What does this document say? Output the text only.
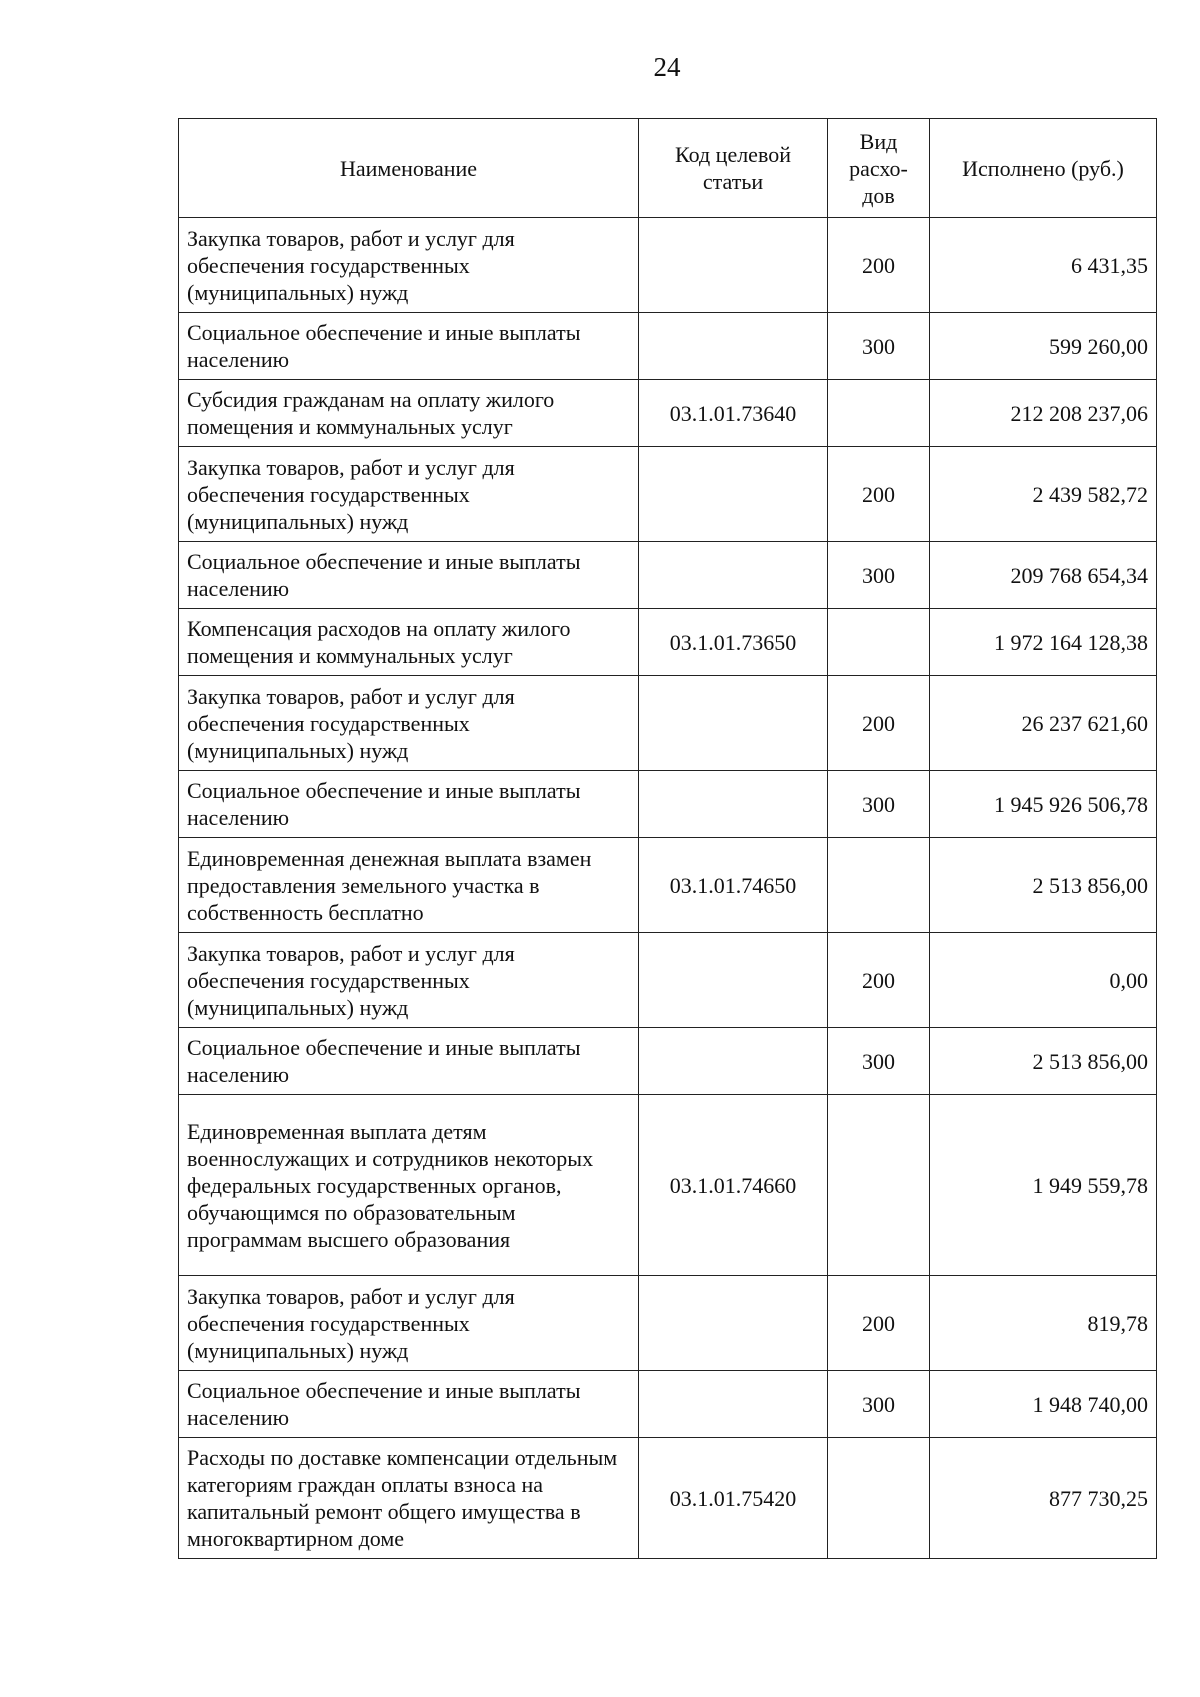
24
Наименование	Код целевой статьи	Вид расхо-дов	Исполнено (руб.)
Закупка товаров, работ и услуг для обеспечения государственных (муниципальных) нужд		200	6 431,35
Социальное обеспечение и иные выплаты населению		300	599 260,00
Субсидия гражданам на оплату жилого помещения и коммунальных услуг	03.1.01.73640		212 208 237,06
Закупка товаров, работ и услуг для обеспечения государственных (муниципальных) нужд		200	2 439 582,72
Социальное обеспечение и иные выплаты населению		300	209 768 654,34
Компенсация расходов на оплату жилого помещения и коммунальных услуг	03.1.01.73650		1 972 164 128,38
Закупка товаров, работ и услуг для обеспечения государственных (муниципальных) нужд		200	26 237 621,60
Социальное обеспечение и иные выплаты населению		300	1 945 926 506,78
Единовременная денежная выплата взамен предоставления земельного участка в собственность бесплатно	03.1.01.74650		2 513 856,00
Закупка товаров, работ и услуг для обеспечения государственных (муниципальных) нужд		200	0,00
Социальное обеспечение и иные выплаты населению		300	2 513 856,00
Единовременная выплата детям военнослужащих и сотрудников некоторых федеральных государственных органов, обучающимся по образовательным программам высшего образования	03.1.01.74660		1 949 559,78
Закупка товаров, работ и услуг для обеспечения государственных (муниципальных) нужд		200	819,78
Социальное обеспечение и иные выплаты населению		300	1 948 740,00
Расходы по доставке компенсации отдельным категориям граждан оплаты взноса на капитальный ремонт общего имущества в многоквартирном доме	03.1.01.75420		877 730,25
